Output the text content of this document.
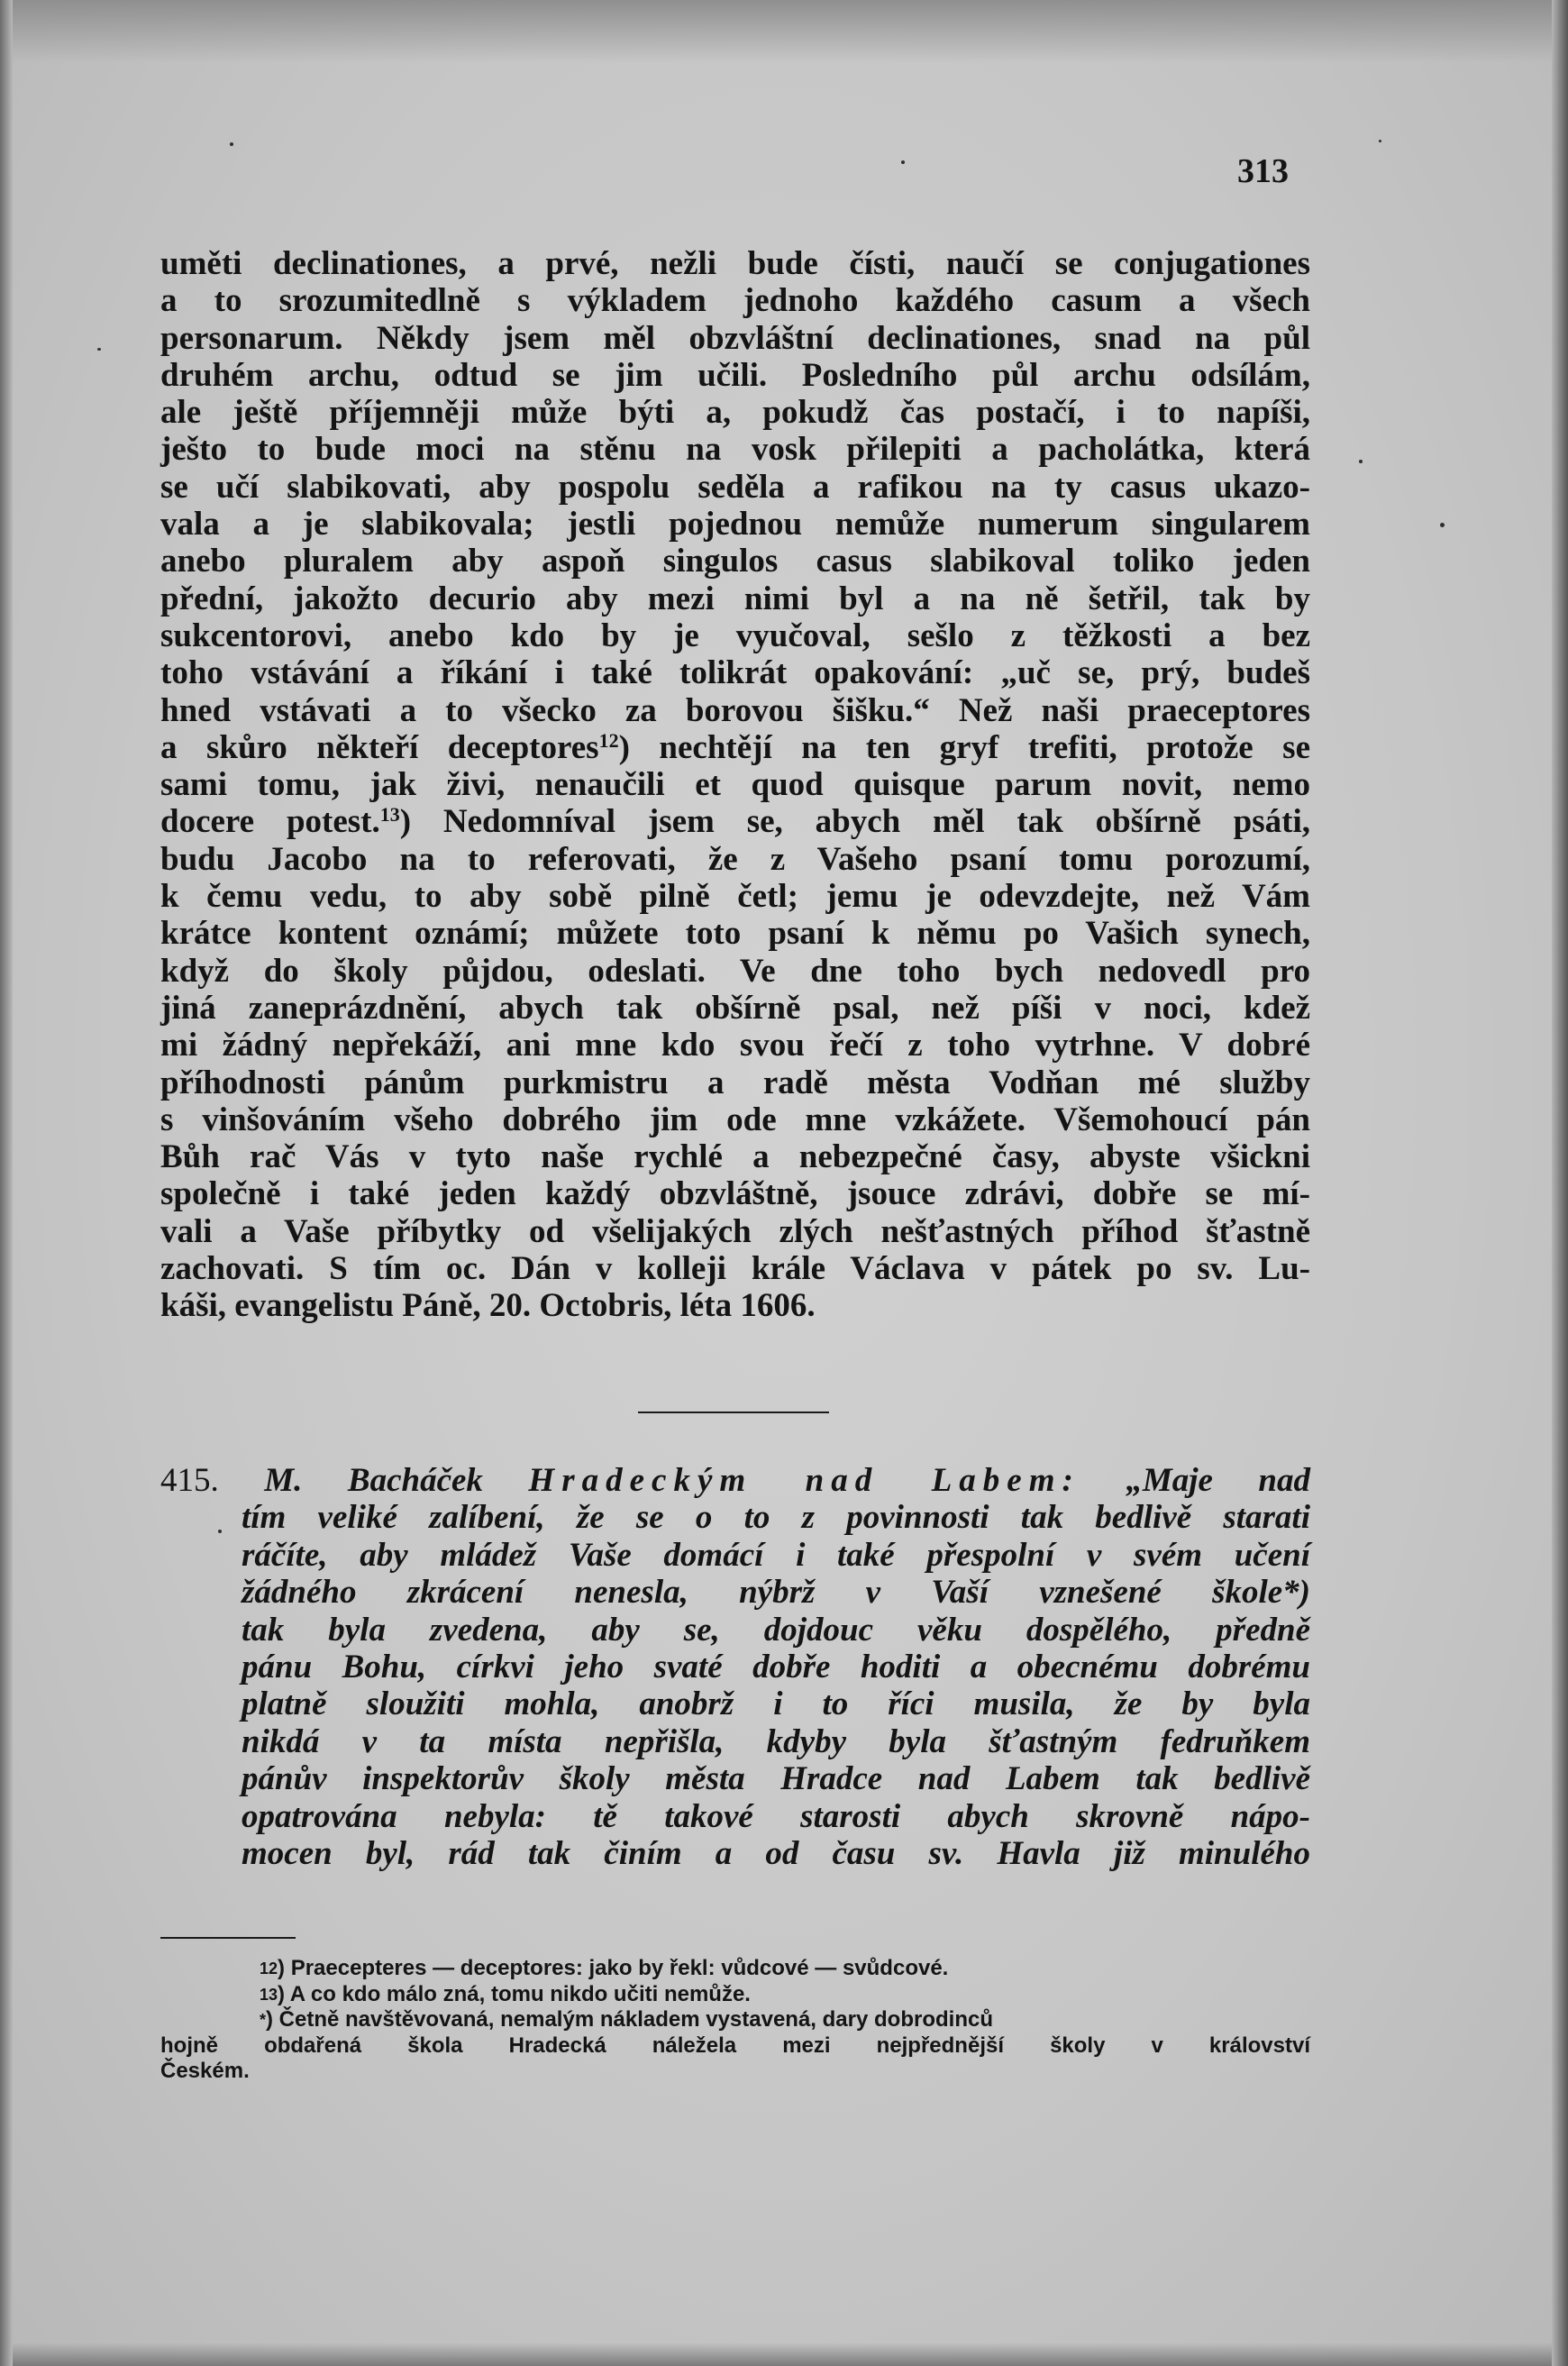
313
uměti declinationes, a prvé, nežli bude čísti, naučí se conjugationes
a to srozumitedlně s výkladem jednoho každého casum a všech
personarum. Někdy jsem měl obzvláštní declinationes, snad na půl
druhém archu, odtud se jim učili. Posledního půl archu odsílám,
ale ještě příjemněji může býti a, pokudž čas postačí, i to napíši,
ješto to bude moci na stěnu na vosk přilepiti a pacholátka, která
se učí slabikovati, aby pospolu seděla a rafikou na ty casus ukazo-
vala a je slabikovala; jestli pojednou nemůže numerum singularem
anebo pluralem aby aspoň singulos casus slabikoval toliko jeden
přední, jakožto decurio aby mezi nimi byl a na ně šetřil, tak by
sukcentorovi, anebo kdo by je vyučoval, sešlo z těžkosti a bez
toho vstávání a říkání i také tolikrát opakování: „uč se, prý, budeš
hned vstávati a to všecko za borovou šišku.“ Než naši praeceptores
a skůro někteří deceptores$^{12}$) nechtějí na ten gryf trefiti, protože se
sami tomu, jak živi, nenaučili et quod quisque parum novit, nemo
docere potest.$^{13}$) Nedomníval jsem se, abych měl tak obšírně psáti,
budu Jacobo na to referovati, že z Vašeho psaní tomu porozumí,
k čemu vedu, to aby sobě pilně četl; jemu je odevzdejte, než Vám
krátce kontent oznámí; můžete toto psaní k němu po Vašich synech,
když do školy půjdou, odeslati. Ve dne toho bych nedovedl pro
jiná zaneprázdnění, abych tak obšírně psal, než píši v noci, kdež
mi žádný nepřekáží, ani mne kdo svou řečí z toho vytrhne. V dobré
příhodnosti pánům purkmistru a radě města Vodňan mé služby
s vinšováním všeho dobrého jim ode mne vzkážete. Všemohoucí pán
Bůh rač Vás v tyto naše rychlé a nebezpečné časy, abyste všickni
společně i také jeden každý obzvláštně, jsouce zdrávi, dobře se mí-
vali a Vaše příbytky od všelijakých zlých nešťastných příhod šťastně
zachovati. S tím oc. Dán v kolleji krále Václava v pátek po sv. Lu-
káši, evangelistu Páně, 20. Octobris, léta 1606.
415. M. Bacháček Hradeckým nad Labem: „Maje nad
tím veliké zalíbení, že se o to z povinnosti tak bedlivě starati
ráčíte, aby mládež Vaše domácí i také přespolní v svém učení
žádného zkrácení nenesla, nýbrž v Vaší vznešené škole*)
tak byla zvedena, aby se, dojdouc věku dospělého, předně
pánu Bohu, církvi jeho svaté dobře hoditi a obecnému dobrému
platně sloužiti mohla, anobrž i to říci musila, že by byla
nikdá v ta místa nepřišla, kdyby byla šťastným fedruňkem
pánův inspektorův školy města Hradce nad Labem tak bedlivě
opatrována nebyla: tě takové starosti abych skrovně nápo-
mocen byl, rád tak činím a od času sv. Havla již minulého
$^{12}$) Praecepteres — deceptores: jako by řekl: vůdcové — svůdcové.
$^{13}$) A co kdo málo zná, tomu nikdo učiti nemůže.
*) Četně navštěvovaná, nemalým nákladem vystavená, dary dobrodinců
hojně obdařená škola Hradecká náležela mezi nejpřednější školy v království
Českém.
